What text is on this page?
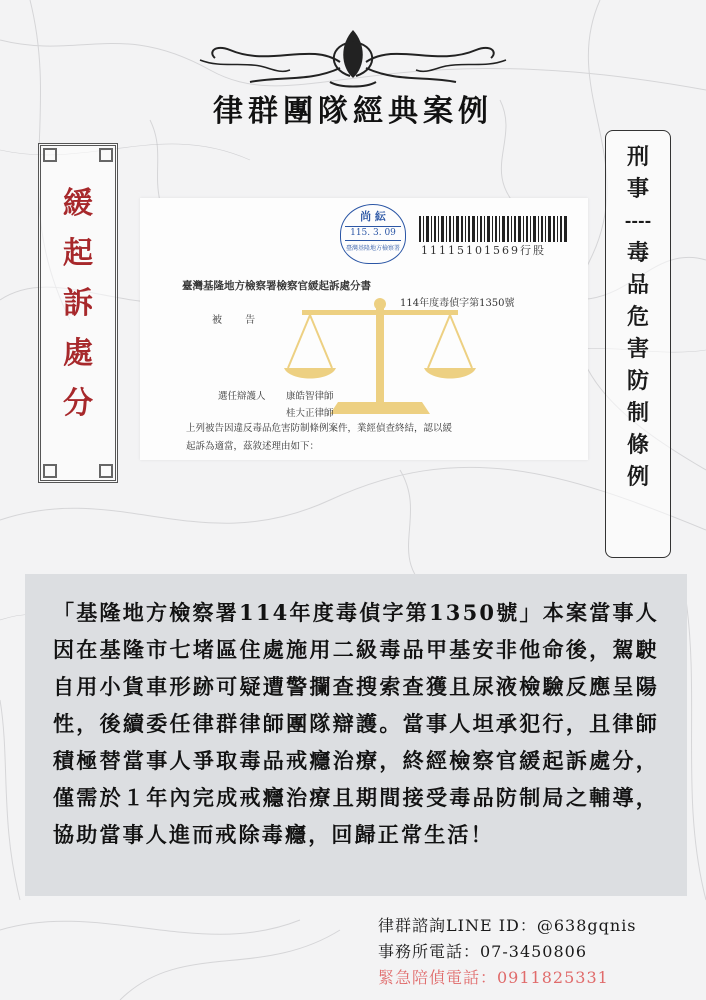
律群團隊經典案例
緩
起
訴
處
分
刑
事
----
毒
品
危
害
防
制
條
例
尚 紜
115. 3. 09
臺灣基隆地方檢察署	11115101569行股
臺灣基隆地方檢察署檢察官緩起訴處分書
114年度毒偵字第1350號
被 告
選任辯護人 康皓智律師
桂大正律師
上列被告因違反毒品危害防制條例案件，業經偵查終結，認以緩
起訴為適當，茲敘述理由如下：

「基隆地方檢察署114年度毒偵字第1350號」本案當事人因在基隆市七堵區住處施用二級毒品甲基安非他命後，駕駛自用小貨車形跡可疑遭警攔查搜索查獲且尿液檢驗反應呈陽性，後續委任律群律師團隊辯護。當事人坦承犯行，且律師積極替當事人爭取毒品戒癮治療，終經檢察官緩起訴處分，僅需於１年內完成戒癮治療且期間接受毒品防制局之輔導，協助當事人進而戒除毒癮，回歸正常生活！

律群諮詢LINE ID：@638gqnis
事務所電話：07-3450806
緊急陪偵電話：0911825331
